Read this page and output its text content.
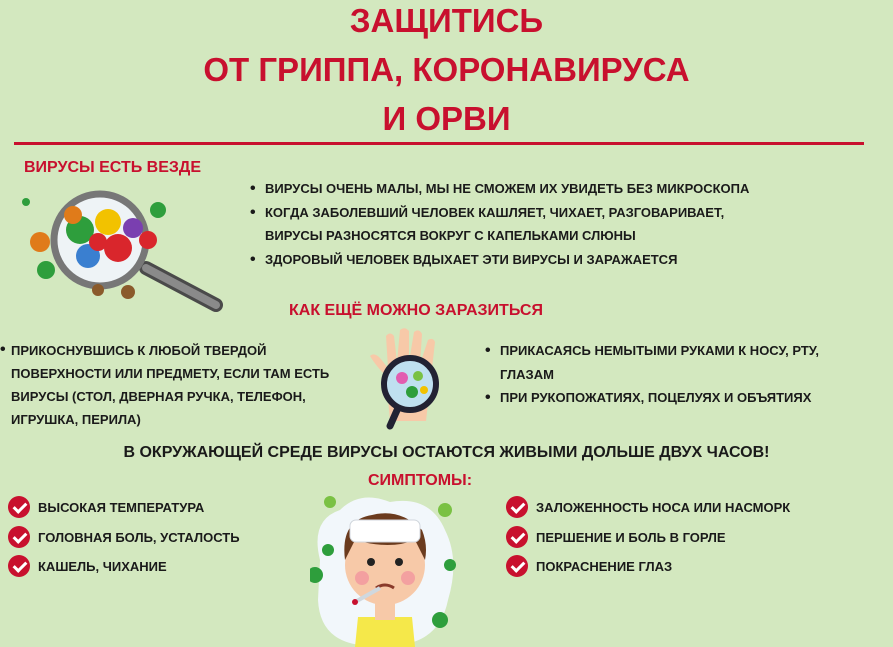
ЗАЩИТИСЬ
ОТ ГРИППА, КОРОНАВИРУСА
И ОРВИ
ВИРУСЫ ЕСТЬ ВЕЗДЕ
• ВИРУСЫ ОЧЕНЬ МАЛЫ, МЫ НЕ СМОЖЕМ ИХ УВИДЕТЬ БЕЗ МИКРОСКОПА
• КОГДА ЗАБОЛЕВШИЙ ЧЕЛОВЕК КАШЛЯЕТ, ЧИХАЕТ, РАЗГОВАРИВАЕТ,
ВИРУСЫ РАЗНОСЯТСЯ ВОКРУГ С КАПЕЛЬКАМИ СЛЮНЫ
• ЗДОРОВЫЙ ЧЕЛОВЕК ВДЫХАЕТ ЭТИ ВИРУСЫ И ЗАРАЖАЕТСЯ
КАК ЕЩЁ МОЖНО ЗАРАЗИТЬСЯ
• ПРИКОСНУВШИСЬ К ЛЮБОЙ ТВЕРДОЙ
ПОВЕРХНОСТИ ИЛИ ПРЕДМЕТУ, ЕСЛИ ТАМ ЕСТЬ
ВИРУСЫ (СТОЛ, ДВЕРНАЯ РУЧКА, ТЕЛЕФОН,
ИГРУШКА, ПЕРИЛА)
• ПРИКАСАЯСЬ НЕМЫТЫМИ РУКАМИ К НОСУ, РТУ,
ГЛАЗАМ
• ПРИ РУКОПОЖАТИЯХ, ПОЦЕЛУЯХ И ОБЪЯТИЯХ
В ОКРУЖАЮЩЕЙ СРЕДЕ ВИРУСЫ ОСТАЮТСЯ ЖИВЫМИ ДОЛЬШЕ ДВУХ ЧАСОВ!
СИМПТОМЫ:
ВЫСОКАЯ ТЕМПЕРАТУРА
ГОЛОВНАЯ БОЛЬ, УСТАЛОСТЬ
КАШЕЛЬ, ЧИХАНИЕ
ЗАЛОЖЕННОСТЬ НОСА ИЛИ НАСМОРК
ПЕРШЕНИЕ И БОЛЬ В ГОРЛЕ
ПОКРАСНЕНИЕ ГЛАЗ
